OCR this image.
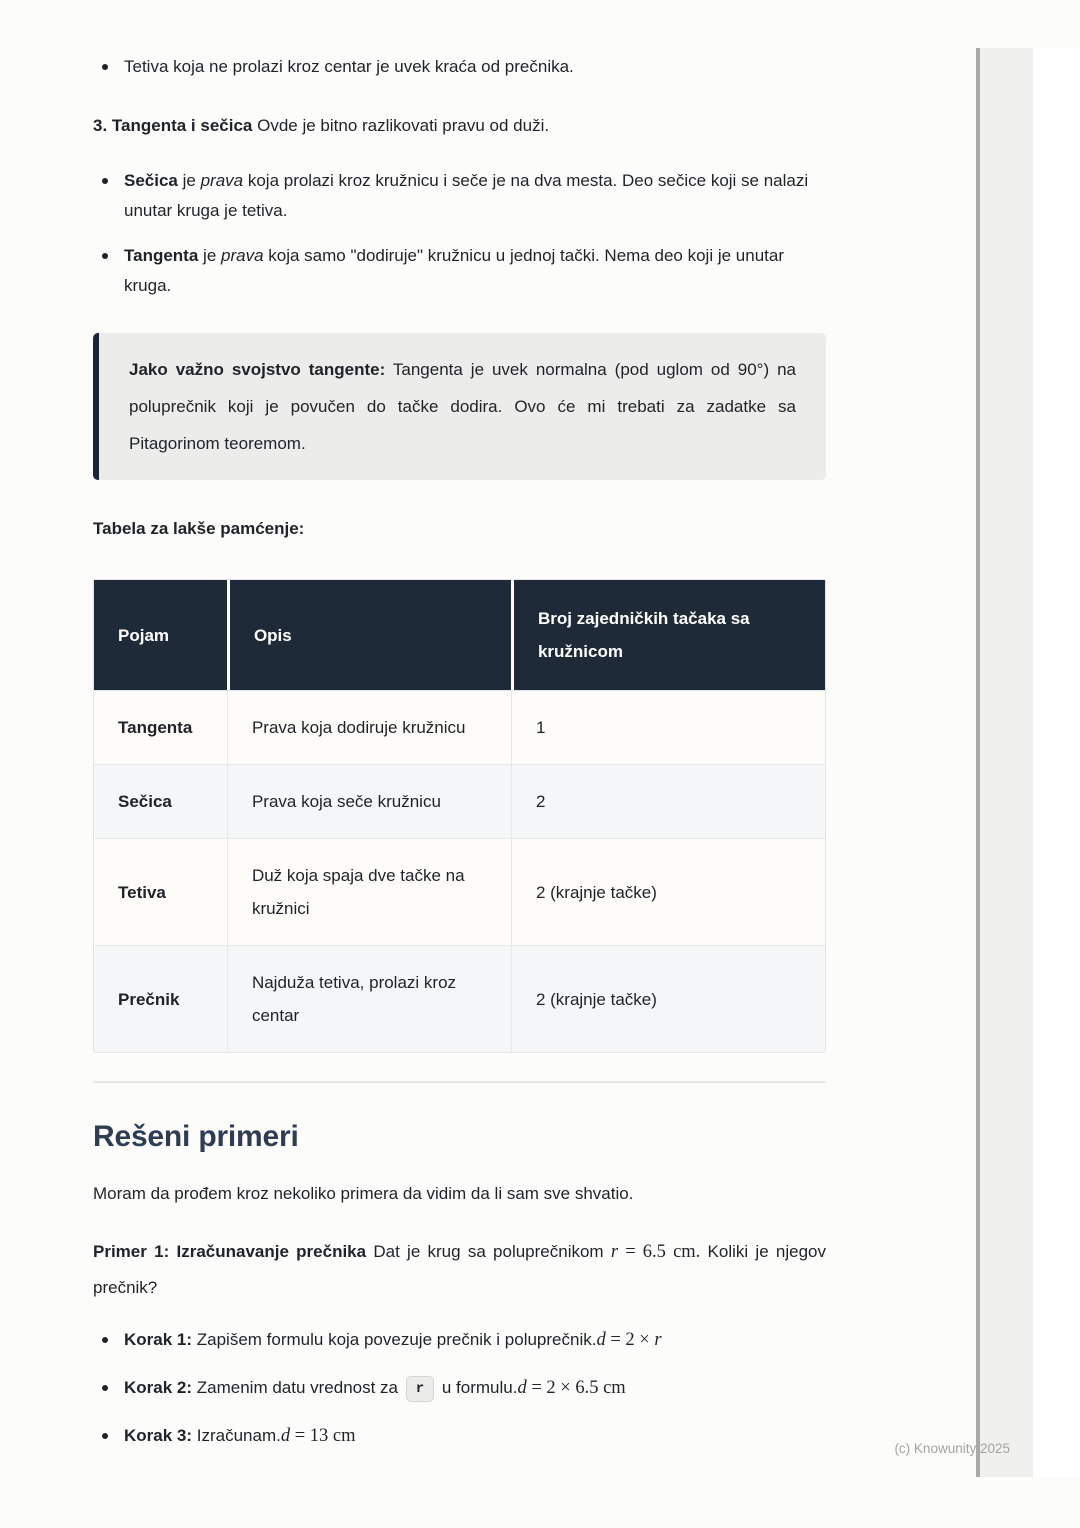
Tetiva koja ne prolazi kroz centar je uvek kraća od prečnika.

3. Tangenta i sečica Ovde je bitno razlikovati pravu od duži.

Sečica je prava koja prolazi kroz kružnicu i seče je na dva mesta. Deo sečice koji se nalazi unutar kruga je tetiva.
Tangenta je prava koja samo "dodiruje" kružnicu u jednoj tački. Nema deo koji je unutar kruga.

Jako važno svojstvo tangente: Tangenta je uvek normalna (pod uglom od 90°) na poluprečnik koji je povučen do tačke dodira. Ovo će mi trebati za zadatke sa Pitagorinom teoremom.

Tabela za lakše pamćenje:

Pojam	Opis	Broj zajedničkih tačaka sa kružnicom
Tangenta	Prava koja dodiruje kružnicu	1
Sečica	Prava koja seče kružnicu	2
Tetiva	Duž koja spaja dve tačke na kružnici	2 (krajnje tačke)
Prečnik	Najduža tetiva, prolazi kroz centar	2 (krajnje tačke)
Rešeni primeri

Moram da prođem kroz nekoliko primera da vidim da li sam sve shvatio.

Primer 1: Izračunavanje prečnika Dat je krug sa poluprečnikom r = 6.5 cm. Koliki je njegov prečnik?

Korak 1: Zapišem formulu koja povezuje prečnik i poluprečnik.d = 2 × r
Korak 2: Zamenim datu vrednost za r u formulu.d = 2 × 6.5 cm
Korak 3: Izračunam.d = 13 cm
(c) Knowunity 2025
